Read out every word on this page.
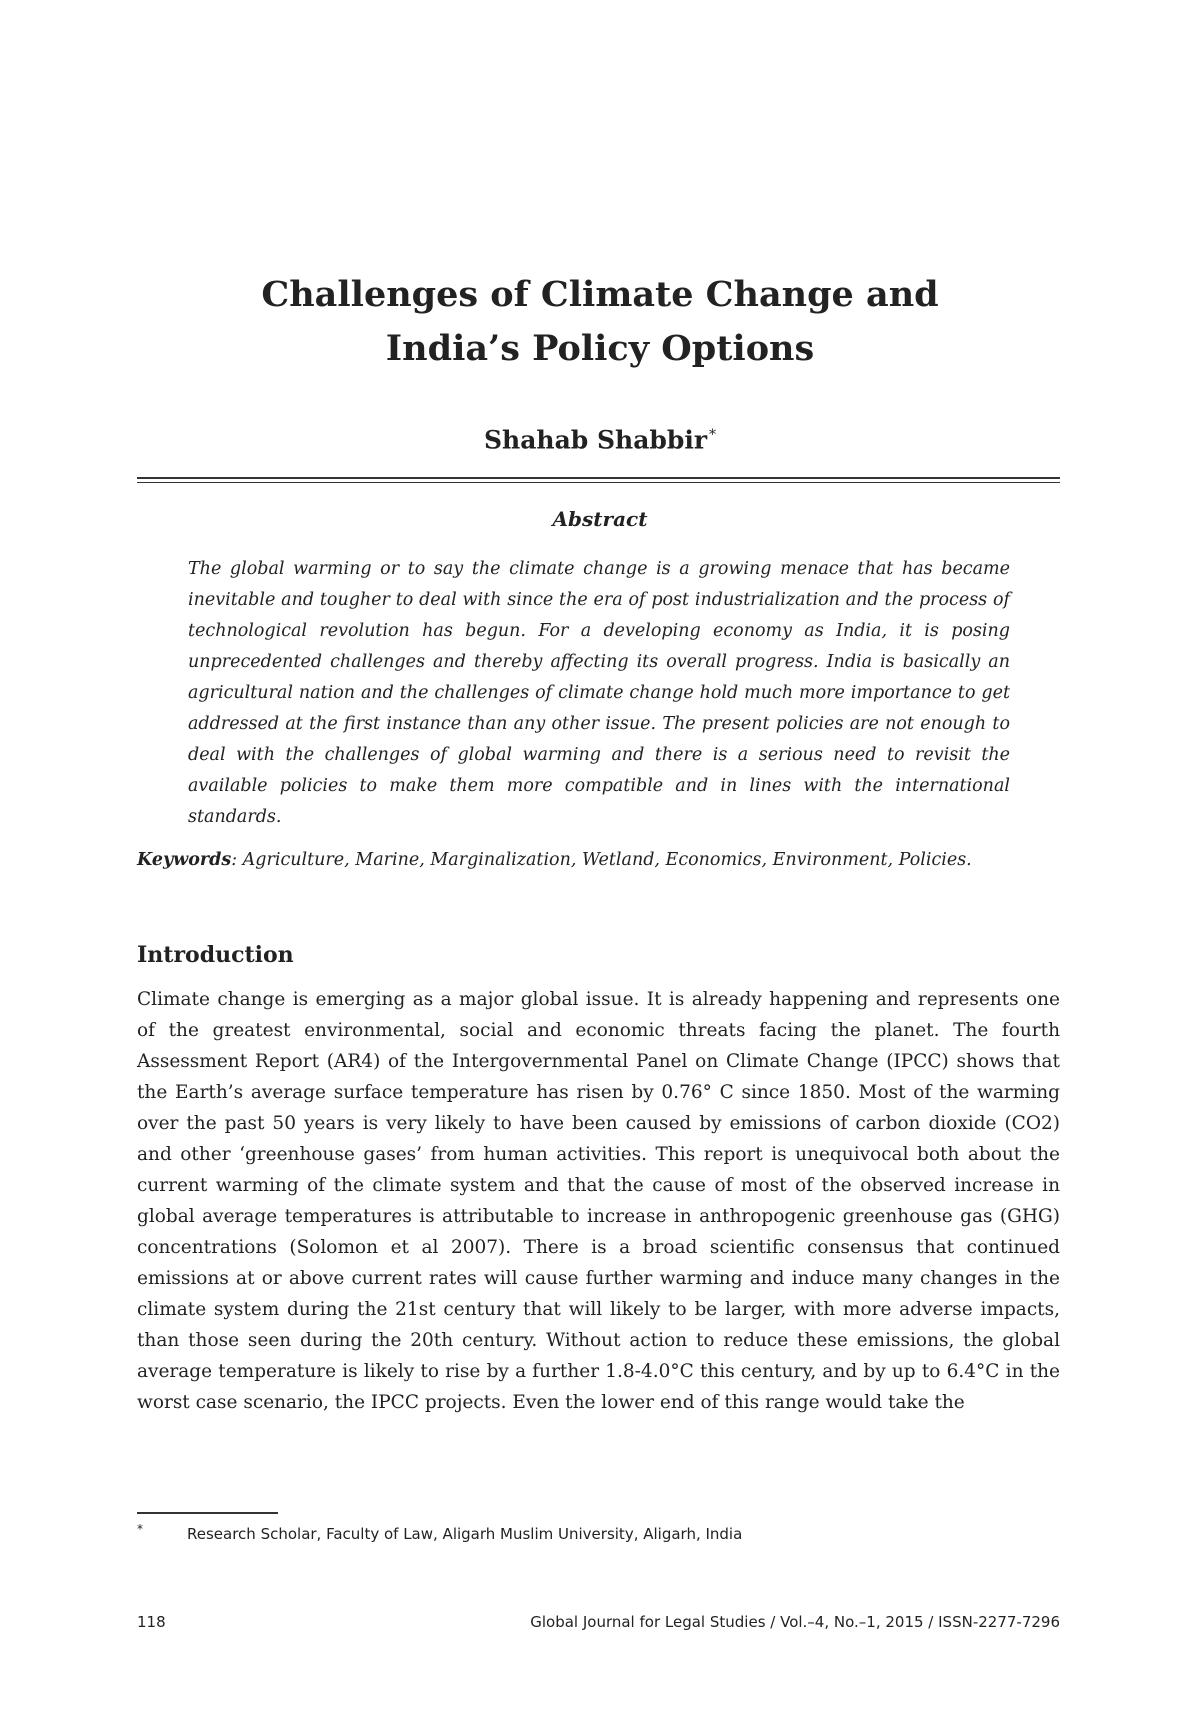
Challenges of Climate Change and
India’s Policy Options
Shahab Shabbir *
Abstract

The global warming or to say the climate change is a growing menace that has became inevitable and tougher to deal with since the era of post industrialization and the process of technological revolution has begun. For a developing economy as India, it is posing unprecedented challenges and thereby affecting its overall progress. India is basically an agricultural nation and the challenges of climate change hold much more importance to get addressed at the first instance than any other issue. The present policies are not enough to deal with the challenges of global warming and there is a serious need to revisit the available policies to make them more compatible and in lines with the international standards.

Keywords: Agriculture, Marine, Marginalization, Wetland, Economics, Environment, Policies.

Introduction

Climate change is emerging as a major global issue. It is already happening and represents one of the greatest environmental, social and economic threats facing the planet. The fourth Assessment Report (AR4) of the Intergovernmental Panel on Climate Change (IPCC) shows that the Earth’s average surface temperature has risen by 0.76° C since 1850. Most of the warming over the past 50 years is very likely to have been caused by emissions of carbon dioxide (CO2) and other ‘greenhouse gases’ from human activities. This report is unequivocal both about the current warming of the climate system and that the cause of most of the observed increase in global average temperatures is attributable to increase in anthropogenic greenhouse gas (GHG) concentrations (Solomon et al 2007). There is a broad scientific consensus that continued emissions at or above current rates will cause further warming and induce many changes in the climate system during the 21st century that will likely to be larger, with more adverse impacts, than those seen during the 20th century. Without action to reduce these emissions, the global average temperature is likely to rise by a further 1.8-4.0°C this century, and by up to 6.4°C in the worst case scenario, the IPCC projects. Even the lower end of this range would take the

*	Research Scholar, Faculty of Law, Aligarh Muslim University, Aligarh, India
118	Global Journal for Legal Studies / Vol.–4, No.–1, 2015 / ISSN-2277-7296
